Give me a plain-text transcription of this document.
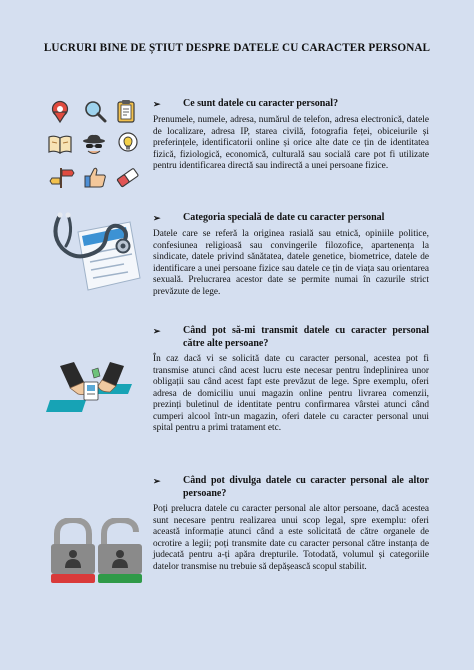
LUCRURI BINE DE ȘTIUT DESPRE DATELE CU CARACTER PERSONAL
➢	Ce sunt datele cu caracter personal?
Prenumele, numele, adresa, numărul de telefon, adresa electronică, datele de localizare, adresa IP, starea civilă, fotografia feței, obiceiurile și preferințele, identificatorii online și orice alte date ce țin de identitatea fizică, fiziologică, economică, culturală sau socială care pot fi utilizate pentru identificarea directă sau indirectă a unei persoane fizice.
➢	Categoria specială de date cu caracter personal
Datele care se referă la originea rasială sau etnică, opiniile politice, confesiunea religioasă sau convingerile filozofice, apartenența la sindicate, datele privind sănătatea, datele genetice, biometrice, datele de identificare a unei persoane fizice sau datele ce țin de viața sau orientarea sexuală. Prelucrarea acestor date se permite numai în cazurile strict prevăzute de lege.
➢	Când pot să-mi transmit datele cu caracter personal către alte persoane?
În caz dacă vi se solicită date cu caracter personal, acestea pot fi transmise atunci când acest lucru este necesar pentru îndeplinirea unor obligații sau când acest fapt este prevăzut de lege. Spre exemplu, oferi adresa de domiciliu unui magazin online pentru livrarea comenzii, prezinți buletinul de identitate pentru confirmarea vârstei atunci când cumperi alcool într-un magazin, oferi datele cu caracter personal unui spital pentru a primi tratament etc.
➢	Când pot divulga datele cu caracter personal ale altor persoane?
Poți prelucra datele cu caracter personal ale altor persoane, dacă acestea sunt necesare pentru realizarea unui scop legal, spre exemplu: oferi această informație atunci când a este solicitată de către organele de ocrotire a legii; poți transmite date cu caracter personal către instanța de judecată pentru a-ți apăra drepturile. Totodată, volumul și categoriile datelor transmise nu trebuie să depășească scopul stabilit.
